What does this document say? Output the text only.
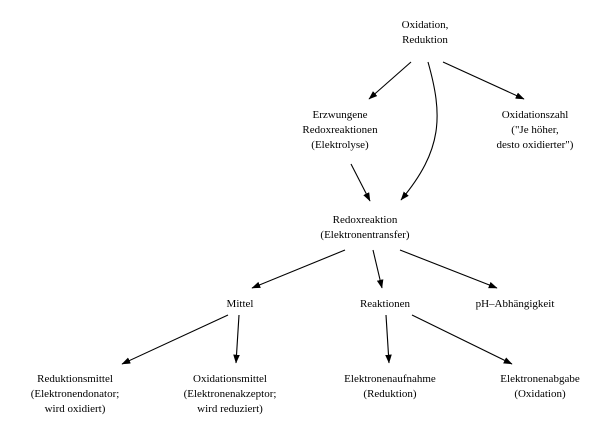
Oxidation,
Reduktion
Erzwungene
Redoxreaktionen
(Elektrolyse)
Oxidationszahl
("Je höher,
desto oxidierter")
Redoxreaktion
(Elektronentransfer)
Mittel	Reaktionen	pH–Abhängigkeit
Reduktionsmittel
(Elektronendonator;
wird oxidiert)
Oxidationsmittel
(Elektronenakzeptor;
wird reduziert)
Elektronenaufnahme
(Reduktion)
Elektronenabgabe
(Oxidation)
